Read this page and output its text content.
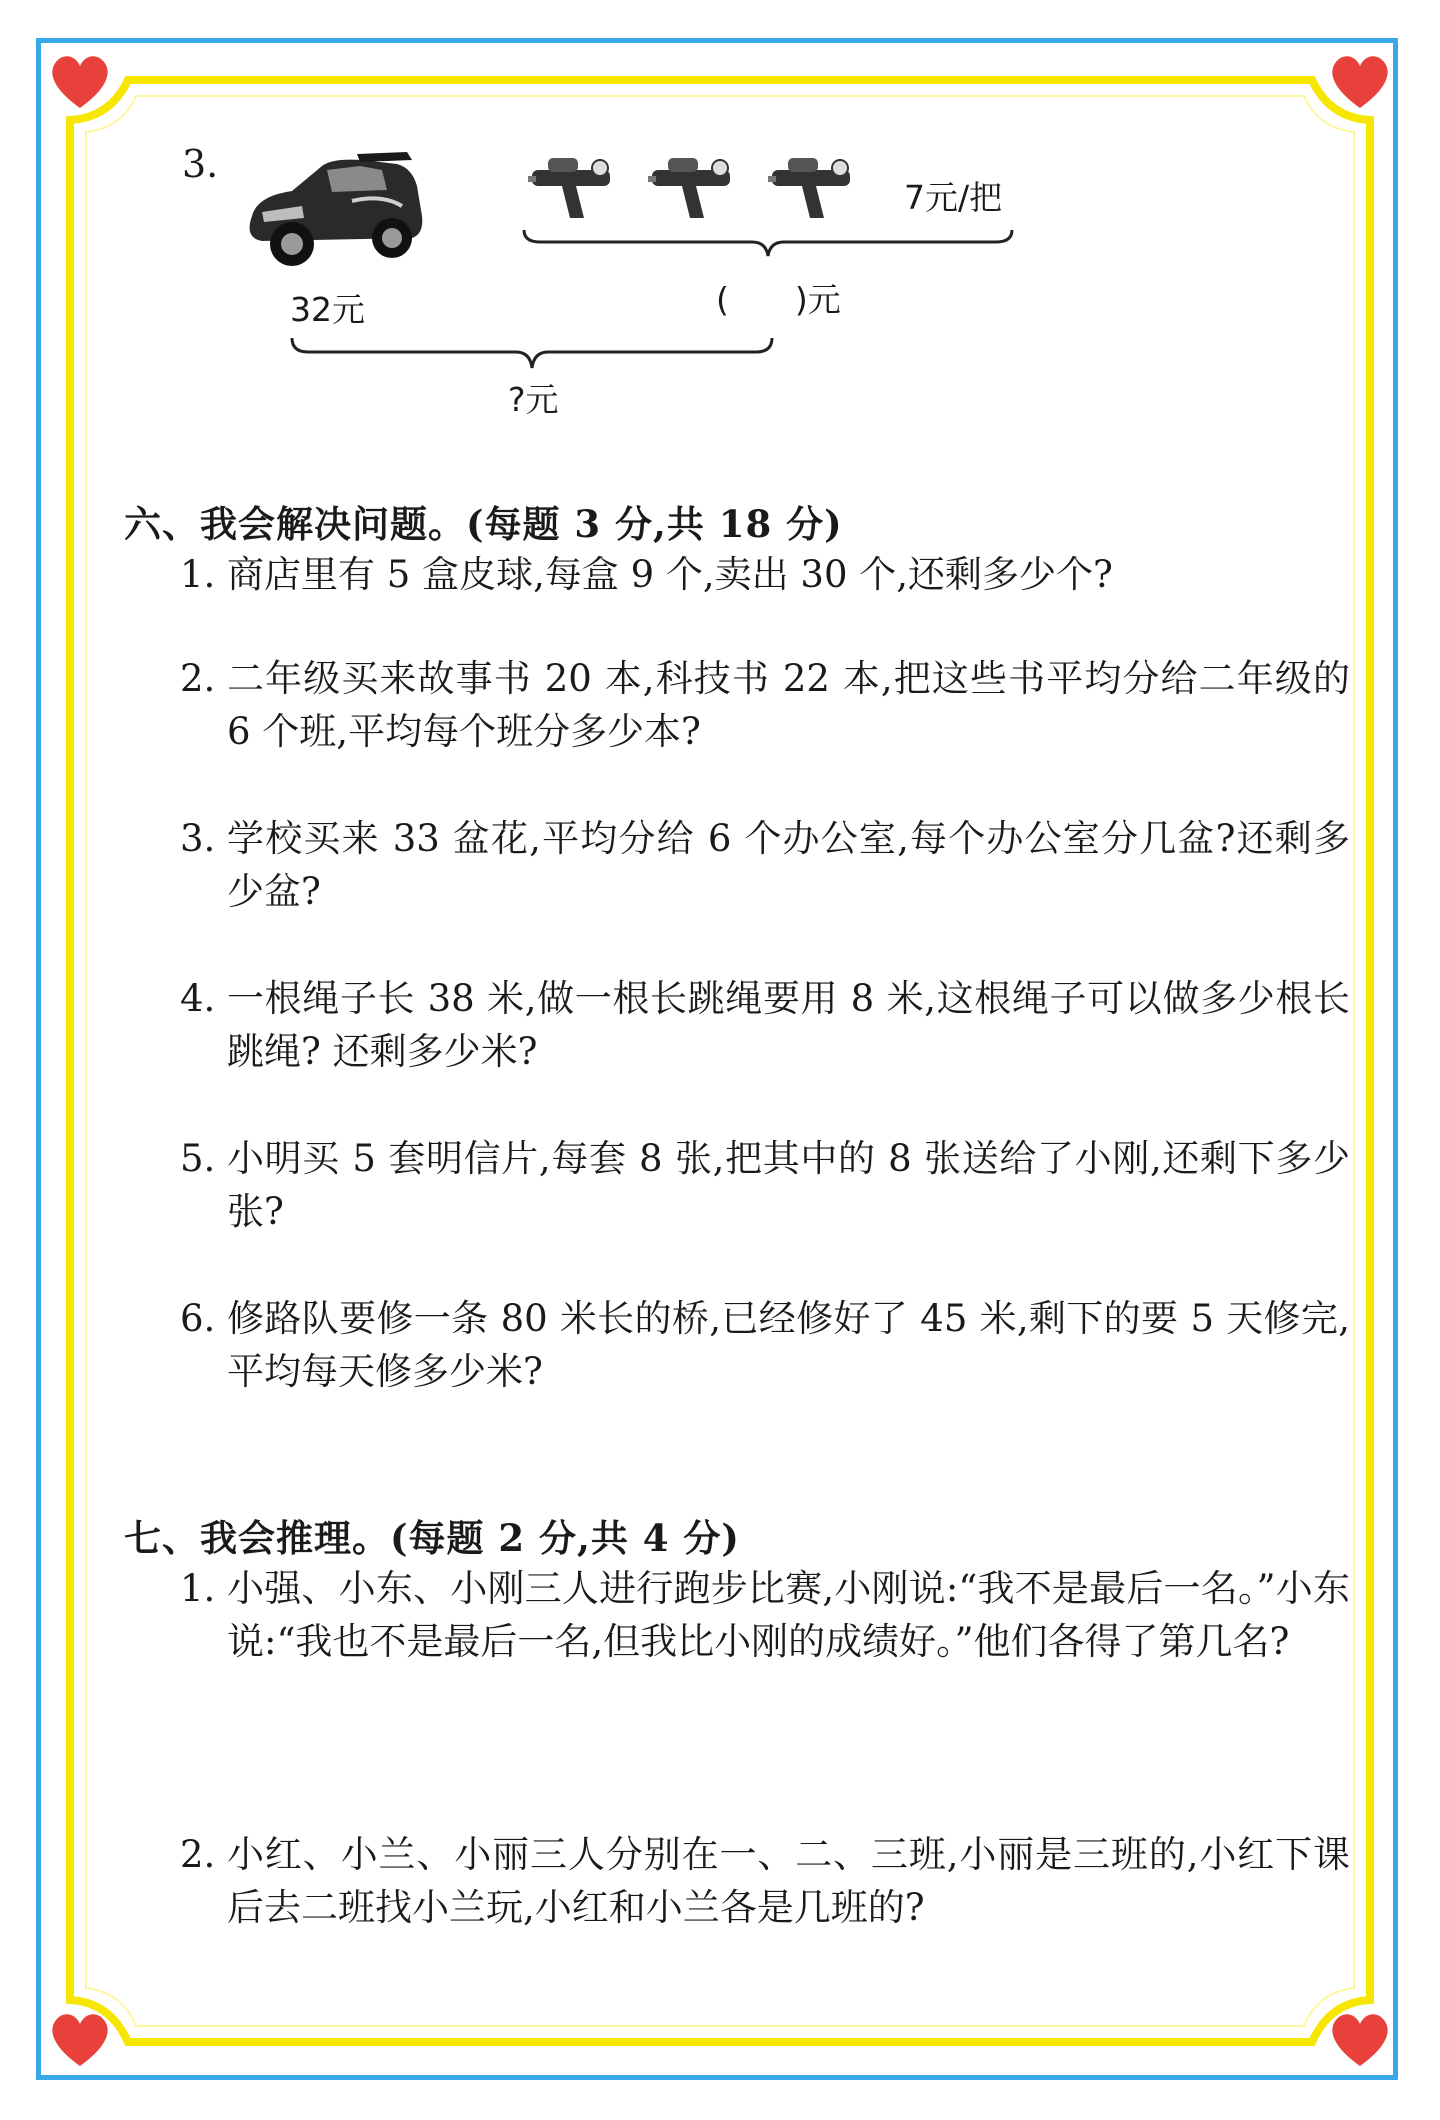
3.
7元/把
32元	(　　)元
?元
六、我会解决问题。(每题 3 分,共 18 分)
1. 商店里有 5 盒皮球,每盒 9 个,卖出 30 个,还剩多少个?
2. 二年级买来故事书 20 本,科技书 22 本,把这些书平均分给二年级的 6 个班,平均每个班分多少本?
3. 学校买来 33 盆花,平均分给 6 个办公室,每个办公室分几盆?还剩多少盆?
4. 一根绳子长 38 米,做一根长跳绳要用 8 米,这根绳子可以做多少根长跳绳? 还剩多少米?
5. 小明买 5 套明信片,每套 8 张,把其中的 8 张送给了小刚,还剩下多少张?
6. 修路队要修一条 80 米长的桥,已经修好了 45 米,剩下的要 5 天修完,平均每天修多少米?
七、我会推理。(每题 2 分,共 4 分)
1. 小强、小东、小刚三人进行跑步比赛,小刚说:“我不是最后一名。”小东说:“我也不是最后一名,但我比小刚的成绩好。”他们各得了第几名?
2. 小红、小兰、小丽三人分别在一、二、三班,小丽是三班的,小红下课后去二班找小兰玩,小红和小兰各是几班的?
